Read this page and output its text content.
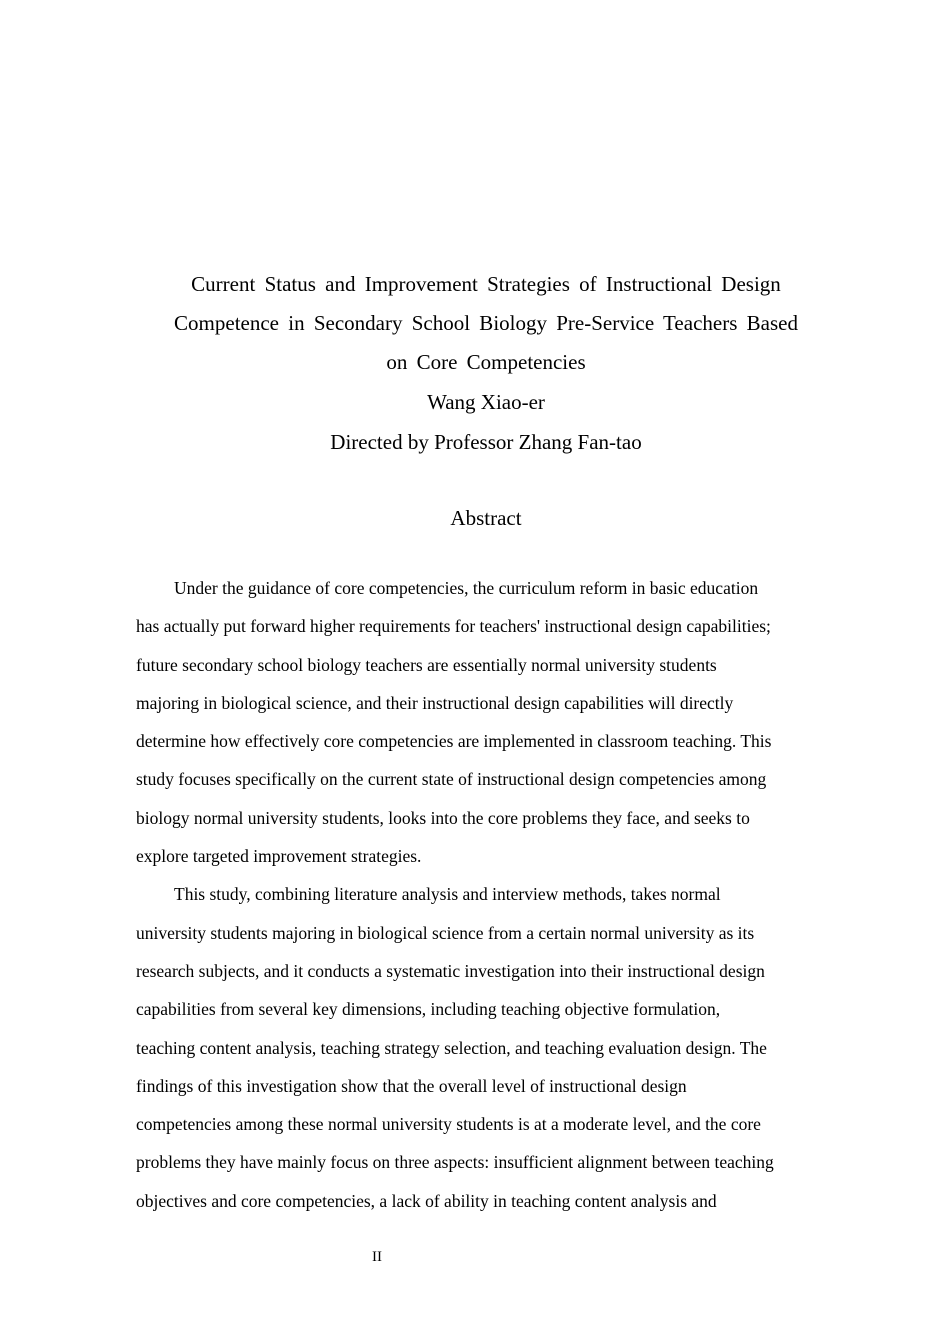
Current Status and Improvement Strategies of Instructional Design
Competence in Secondary School Biology Pre-Service Teachers Based
on Core Competencies
Wang Xiao-er
Directed by Professor Zhang Fan-tao
Abstract
Under the guidance of core competencies, the curriculum reform in basic education
has actually put forward higher requirements for teachers' instructional design capabilities;
future secondary school biology teachers are essentially normal university students
majoring in biological science, and their instructional design capabilities will directly
determine how effectively core competencies are implemented in classroom teaching. This
study focuses specifically on the current state of instructional design competencies among
biology normal university students, looks into the core problems they face, and seeks to
explore targeted improvement strategies.
This study, combining literature analysis and interview methods, takes normal
university students majoring in biological science from a certain normal university as its
research subjects, and it conducts a systematic investigation into their instructional design
capabilities from several key dimensions, including teaching objective formulation,
teaching content analysis, teaching strategy selection, and teaching evaluation design. The
findings of this investigation show that the overall level of instructional design
competencies among these normal university students is at a moderate level, and the core
problems they have mainly focus on three aspects: insufficient alignment between teaching
objectives and core competencies, a lack of ability in teaching content analysis and
II
